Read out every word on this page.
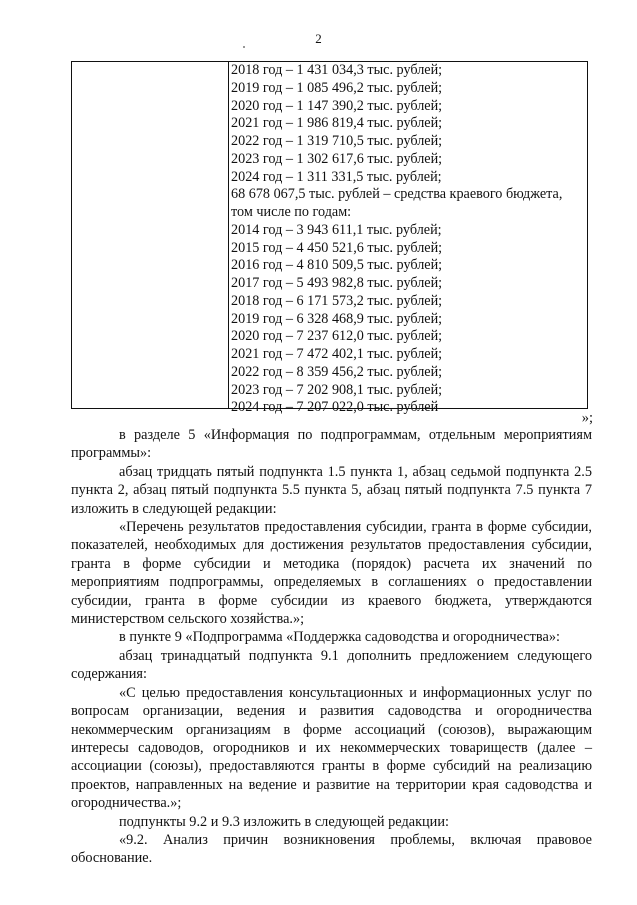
2
2018 год – 1 431 034,3 тыс. рублей;
2019 год – 1 085 496,2 тыс. рублей;
2020 год – 1 147 390,2 тыс. рублей;
2021 год – 1 986 819,4 тыс. рублей;
2022 год – 1 319 710,5 тыс. рублей;
2023 год – 1 302 617,6 тыс. рублей;
2024 год – 1 311 331,5 тыс. рублей;
68 678 067,5 тыс. рублей – средства краевого бюджета,
том числе по годам:
2014 год – 3 943 611,1 тыс. рублей;
2015 год – 4 450 521,6 тыс. рублей;
2016 год – 4 810 509,5 тыс. рублей;
2017 год – 5 493 982,8 тыс. рублей;
2018 год – 6 171 573,2 тыс. рублей;
2019 год – 6 328 468,9 тыс. рублей;
2020 год – 7 237 612,0 тыс. рублей;
2021 год – 7 472 402,1 тыс. рублей;
2022 год – 8 359 456,2 тыс. рублей;
2023 год – 7 202 908,1 тыс. рублей;
2024 год – 7 207 022,0 тыс. рублей
»;

в разделе 5 «Информация по подпрограммам, отдельным мероприятиям программы»:

абзац тридцать пятый подпункта 1.5 пункта 1, абзац седьмой подпункта 2.5 пункта 2, абзац пятый подпункта 5.5 пункта 5, абзац пятый подпункта 7.5 пункта 7 изложить в следующей редакции:

«Перечень результатов предоставления субсидии, гранта в форме субсидии, показателей, необходимых для достижения результатов предоставления субсидии, гранта в форме субсидии и методика (порядок) расчета их значений по мероприятиям подпрограммы, определяемых в соглашениях о предоставлении субсидии, гранта в форме субсидии из краевого бюджета, утверждаются министерством сельского хозяйства.»;

в пункте 9 «Подпрограмма «Поддержка садоводства и огородничества»:

абзац тринадцатый подпункта 9.1 дополнить предложением следующего содержания:

«С целью предоставления консультационных и информационных услуг по вопросам организации, ведения и развития садоводства и огородничества некоммерческим организациям в форме ассоциаций (союзов), выражающим интересы садоводов, огородников и их некоммерческих товариществ (далее – ассоциации (союзы), предоставляются гранты в форме субсидий на реализацию проектов, направленных на ведение и развитие на территории края садоводства и огородничества.»;

подпункты 9.2 и 9.3 изложить в следующей редакции:

«9.2. Анализ причин возникновения проблемы, включая правовое обоснование.
